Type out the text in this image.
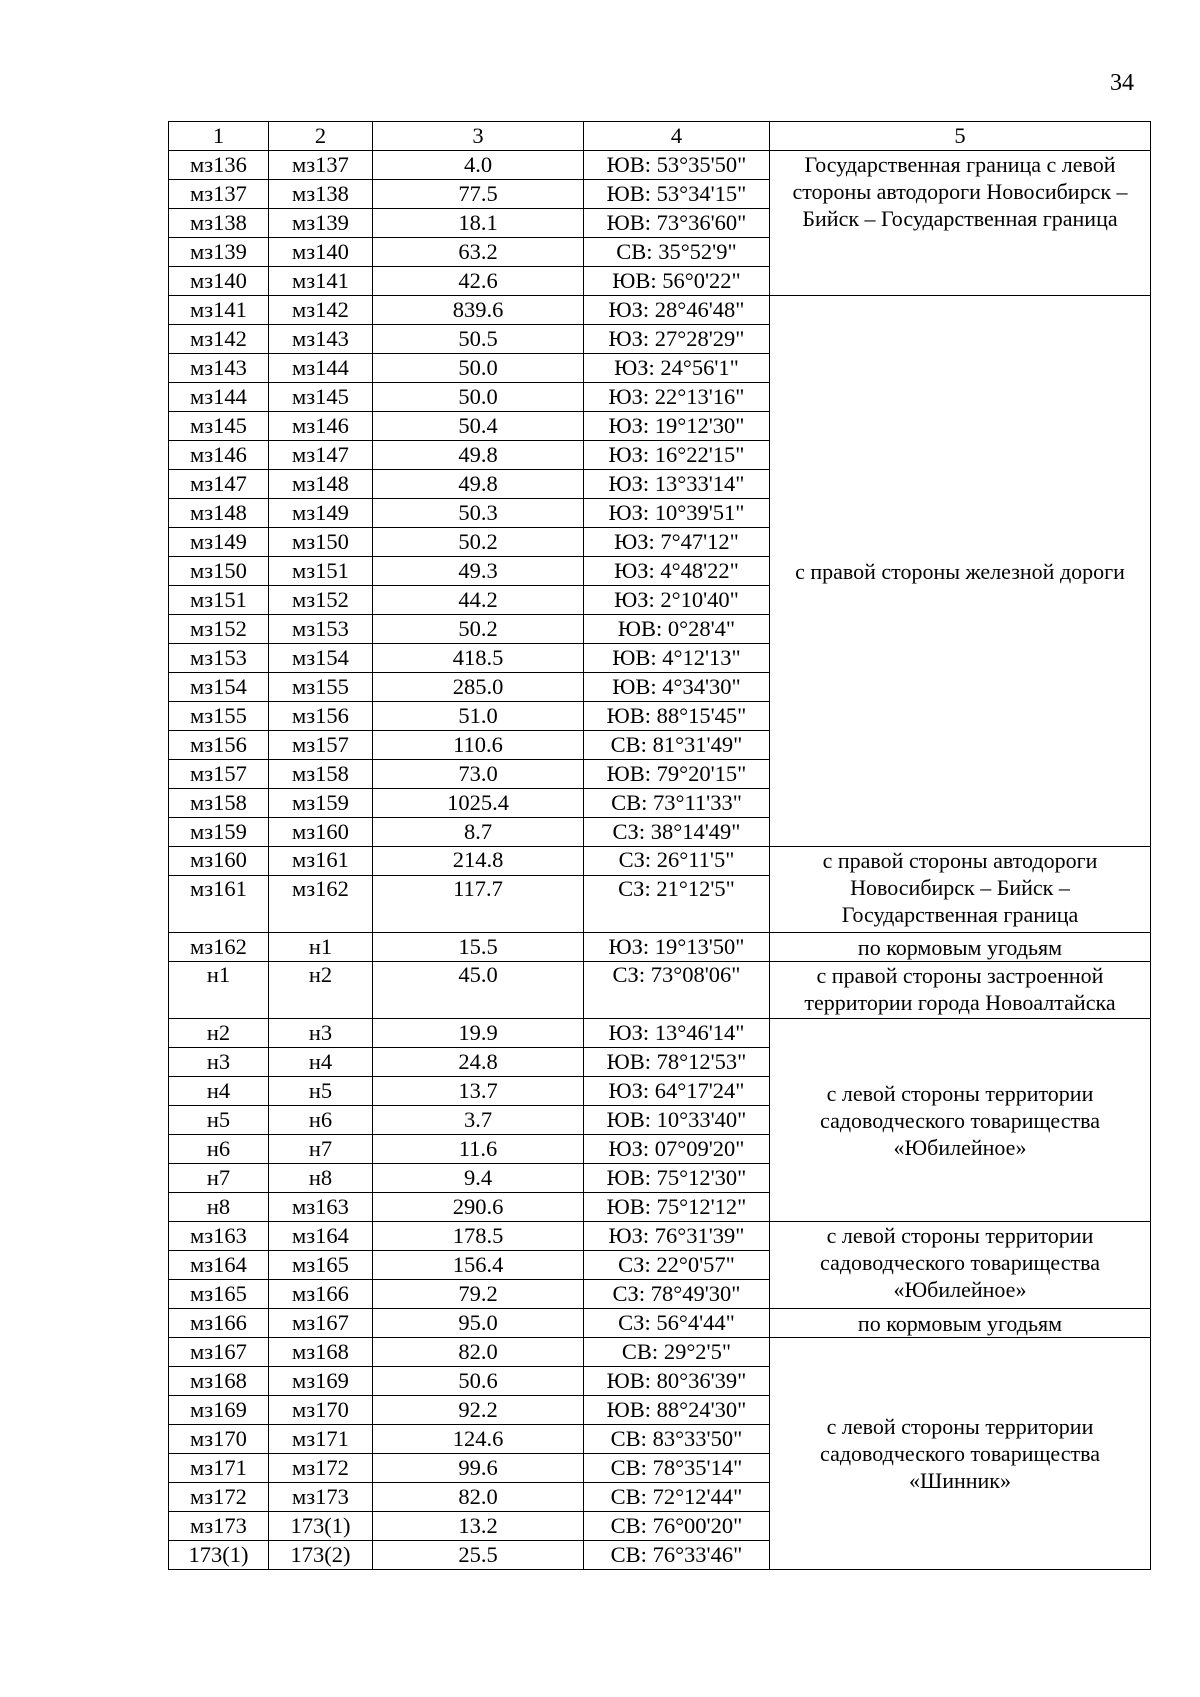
34
1	2	3	4	5
мз136	мз137	4.0	ЮВ: 53°35'50"	Государственная граница с левой стороны автодороги Новосибирск – Бийск – Государственная граница
мз137	мз138	77.5	ЮВ: 53°34'15"	
мз138	мз139	18.1	ЮВ: 73°36'60"	
мз139	мз140	63.2	СВ: 35°52'9"	
мз140	мз141	42.6	ЮВ: 56°0'22"	
мз141	мз142	839.6	ЮЗ: 28°46'48"	с правой стороны железной дороги
мз142	мз143	50.5	ЮЗ: 27°28'29"	
мз143	мз144	50.0	ЮЗ: 24°56'1"	
мз144	мз145	50.0	ЮЗ: 22°13'16"	
мз145	мз146	50.4	ЮЗ: 19°12'30"	
мз146	мз147	49.8	ЮЗ: 16°22'15"	
мз147	мз148	49.8	ЮЗ: 13°33'14"	
мз148	мз149	50.3	ЮЗ: 10°39'51"	
мз149	мз150	50.2	ЮЗ: 7°47'12"	
мз150	мз151	49.3	ЮЗ: 4°48'22"	
мз151	мз152	44.2	ЮЗ: 2°10'40"	
мз152	мз153	50.2	ЮВ: 0°28'4"	
мз153	мз154	418.5	ЮВ: 4°12'13"	
мз154	мз155	285.0	ЮВ: 4°34'30"	
мз155	мз156	51.0	ЮВ: 88°15'45"	
мз156	мз157	110.6	СВ: 81°31'49"	
мз157	мз158	73.0	ЮВ: 79°20'15"	
мз158	мз159	1025.4	СВ: 73°11'33"	
мз159	мз160	8.7	СЗ: 38°14'49"	
мз160	мз161	214.8	СЗ: 26°11'5"	с правой стороны автодороги Новосибирск – Бийск – Государственная граница
мз161	мз162	117.7	СЗ: 21°12'5"	
мз162	н1	15.5	ЮЗ: 19°13'50"	по кормовым угодьям
н1	н2	45.0	СЗ: 73°08'06"	с правой стороны застроенной территории города Новоалтайска
н2	н3	19.9	ЮЗ: 13°46'14"	с левой стороны территории садоводческого товарищества «Юбилейное»
н3	н4	24.8	ЮВ: 78°12'53"	
н4	н5	13.7	ЮЗ: 64°17'24"	
н5	н6	3.7	ЮВ: 10°33'40"	
н6	н7	11.6	ЮЗ: 07°09'20"	
н7	н8	9.4	ЮВ: 75°12'30"	
н8	мз163	290.6	ЮВ: 75°12'12"	
мз163	мз164	178.5	ЮЗ: 76°31'39"	с левой стороны территории садоводческого товарищества «Юбилейное»
мз164	мз165	156.4	СЗ: 22°0'57"	
мз165	мз166	79.2	СЗ: 78°49'30"	
мз166	мз167	95.0	СЗ: 56°4'44"	по кормовым угодьям
мз167	мз168	82.0	СВ: 29°2'5"	с левой стороны территории садоводческого товарищества «Шинник»
мз168	мз169	50.6	ЮВ: 80°36'39"	
мз169	мз170	92.2	ЮВ: 88°24'30"	
мз170	мз171	124.6	СВ: 83°33'50"	
мз171	мз172	99.6	СВ: 78°35'14"	
мз172	мз173	82.0	СВ: 72°12'44"	
мз173	173(1)	13.2	СВ: 76°00'20"	
173(1)	173(2)	25.5	СВ: 76°33'46"	
